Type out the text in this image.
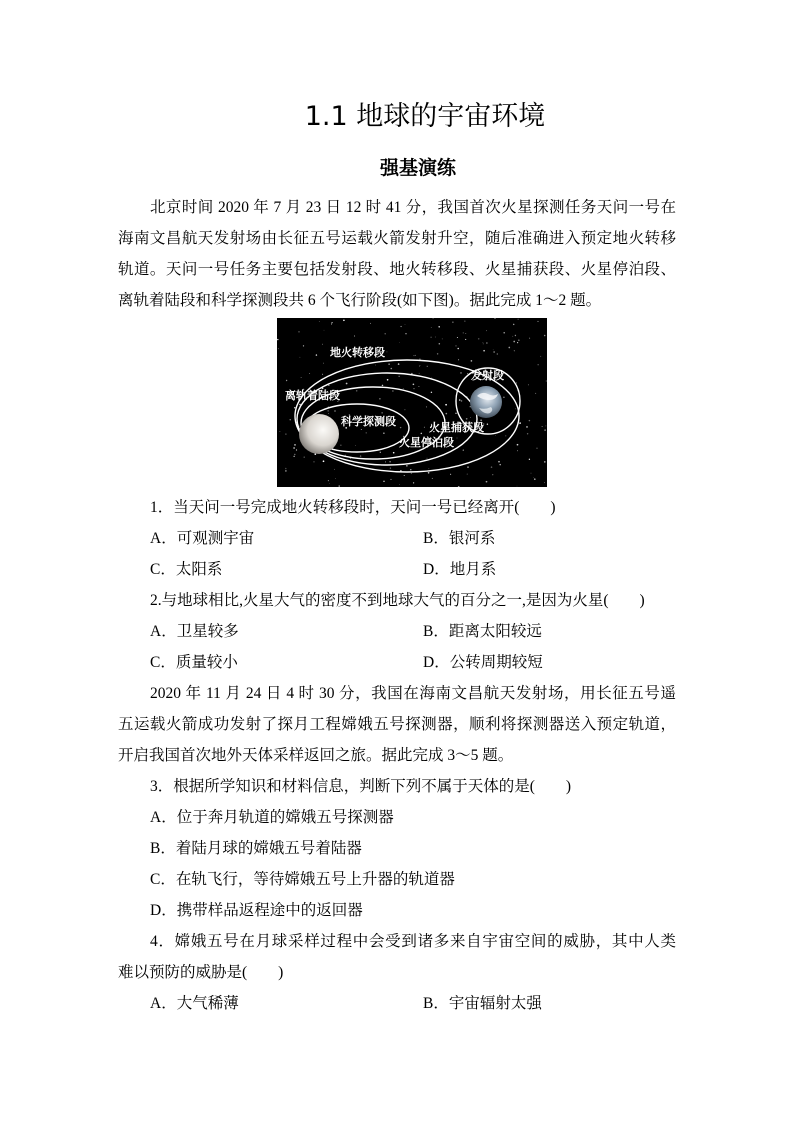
1.1 地球的宇宙环境
强基演练
北京时间 2020 年 7 月 23 日 12 时 41 分，我国首次火星探测任务天问一号在
海南文昌航天发射场由长征五号运载火箭发射升空，随后准确进入预定地火转移
轨道。天问一号任务主要包括发射段、地火转移段、火星捕获段、火星停泊段、
离轨着陆段和科学探测段共 6 个飞行阶段(如下图)。据此完成 1～2 题。
地火转移段
发射段
离轨着陆段
科学探测段	火星捕获段
火星停泊段
1．当天问一号完成地火转移段时，天问一号已经离开(　　)
A．可观测宇宙	B．银河系
C．太阳系	D．地月系
2.与地球相比,火星大气的密度不到地球大气的百分之一,是因为火星(　　)
A．卫星较多	B．距离太阳较远
C．质量较小	D．公转周期较短
2020 年 11 月 24 日 4 时 30 分，我国在海南文昌航天发射场，用长征五号遥
五运载火箭成功发射了探月工程嫦娥五号探测器，顺利将探测器送入预定轨道，
开启我国首次地外天体采样返回之旅。据此完成 3～5 题。
3．根据所学知识和材料信息，判断下列不属于天体的是(　　)
A．位于奔月轨道的嫦娥五号探测器
B．着陆月球的嫦娥五号着陆器
C．在轨飞行，等待嫦娥五号上升器的轨道器
D．携带样品返程途中的返回器
4．嫦娥五号在月球采样过程中会受到诸多来自宇宙空间的威胁，其中人类
难以预防的威胁是(　　)
A．大气稀薄	B．宇宙辐射太强
